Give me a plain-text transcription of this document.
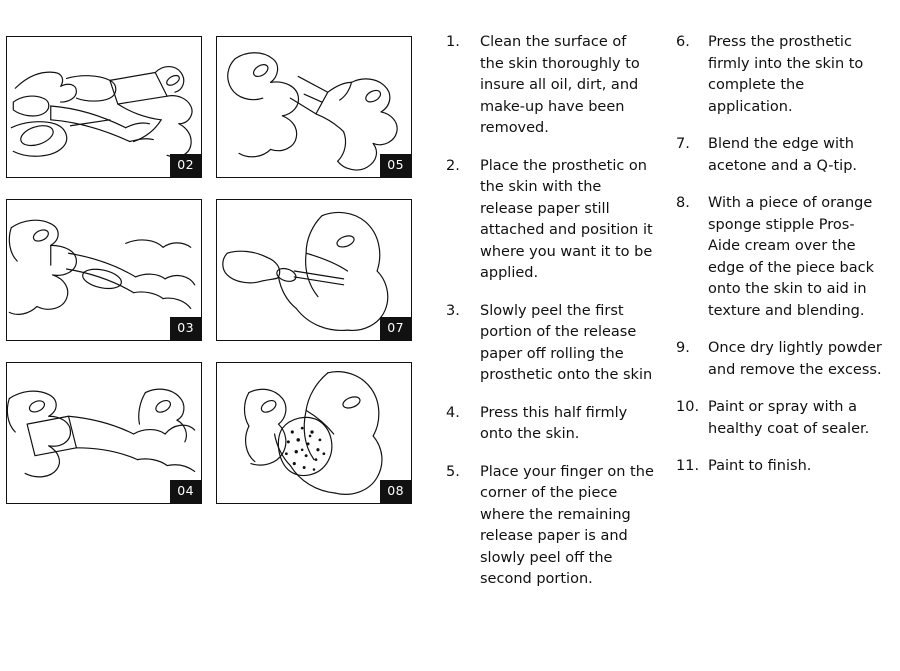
02	05
03	07
04	08
1.	Clean the surface of the skin thoroughly to insure all oil, dirt, and make-up have been removed.
2.	Place the prosthetic on the skin with the release paper still attached and position it where you want it to be applied.
3.	Slowly peel the first portion of the release paper off rolling the prosthetic onto the skin
4.	Press this half firmly onto the skin.
5.	Place your finger on the corner of the piece where the remaining release paper is and slowly peel off the second portion.
6.	Press the prosthetic firmly into the skin to complete the application.
7.	Blend the edge with acetone and a Q-tip.
8.	With a piece of orange sponge stipple Pros-Aide cream over the edge of the piece back onto the skin to aid in texture and blending.
9.	Once dry lightly powder and remove the excess.
10. Paint or spray with a healthy coat of sealer.
11. Paint to finish.
